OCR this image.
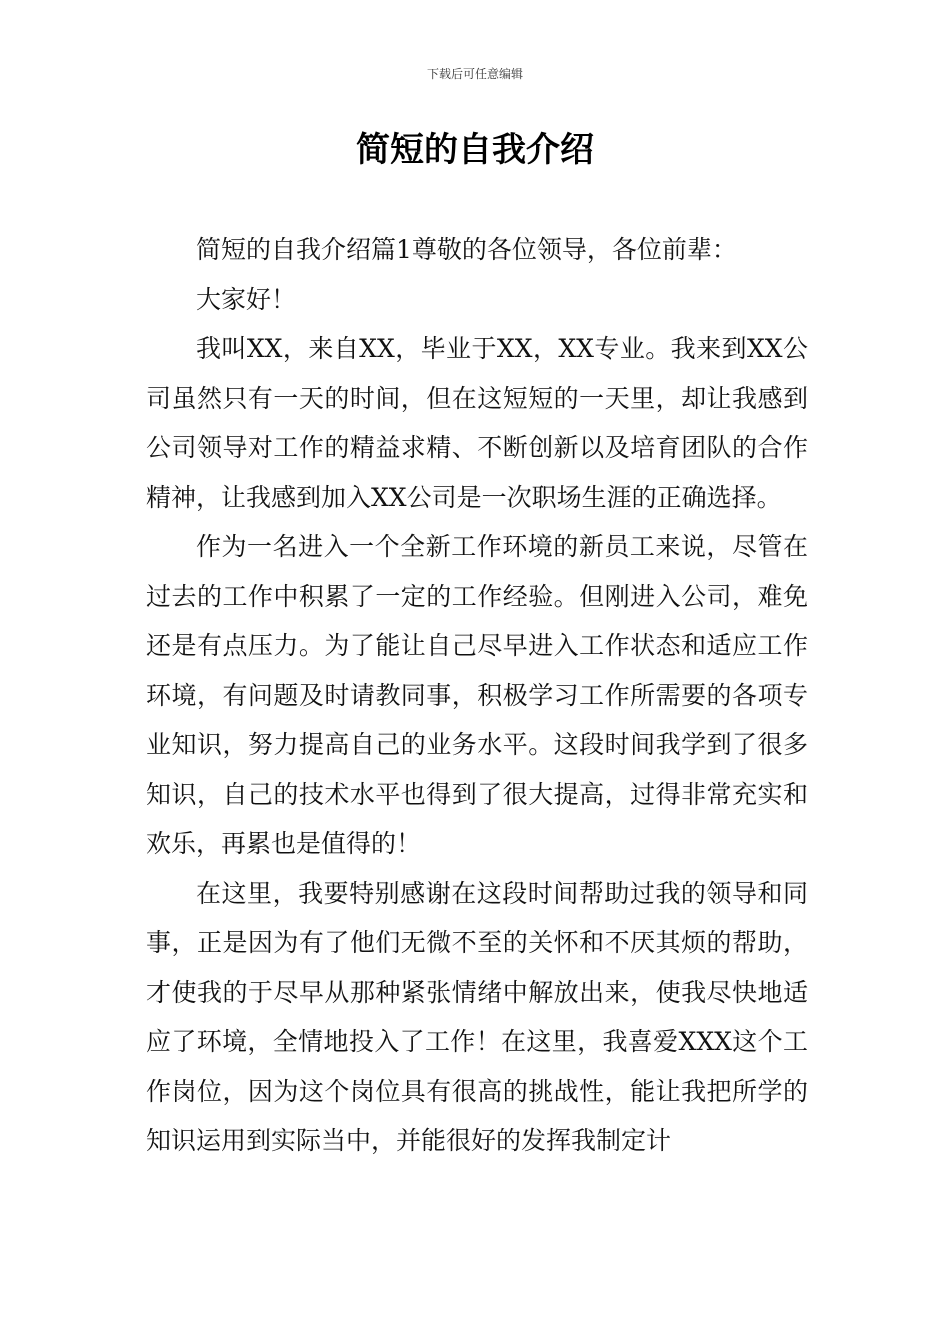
下载后可任意编辑
简短的自我介绍

简短的自我介绍篇1尊敬的各位领导，各位前辈：

大家好！

我叫XX，来自XX，毕业于XX，XX专业。我来到XX公司虽然只有一天的时间，但在这短短的一天里，却让我感到公司领导对工作的精益求精、不断创新以及培育团队的合作精神，让我感到加入XX公司是一次职场生涯的正确选择。

作为一名进入一个全新工作环境的新员工来说，尽管在过去的工作中积累了一定的工作经验。但刚进入公司，难免还是有点压力。为了能让自己尽早进入工作状态和适应工作环境，有问题及时请教同事，积极学习工作所需要的各项专业知识，努力提高自己的业务水平。这段时间我学到了很多知识，自己的技术水平也得到了很大提高，过得非常充实和欢乐，再累也是值得的！

在这里，我要特别感谢在这段时间帮助过我的领导和同事，正是因为有了他们无微不至的关怀和不厌其烦的帮助，才使我的于尽早从那种紧张情绪中解放出来，使我尽快地适应了环境，全情地投入了工作！在这里，我喜爱XXX这个工作岗位，因为这个岗位具有很高的挑战性，能让我把所学的知识运用到实际当中，并能很好的发挥我制定计
